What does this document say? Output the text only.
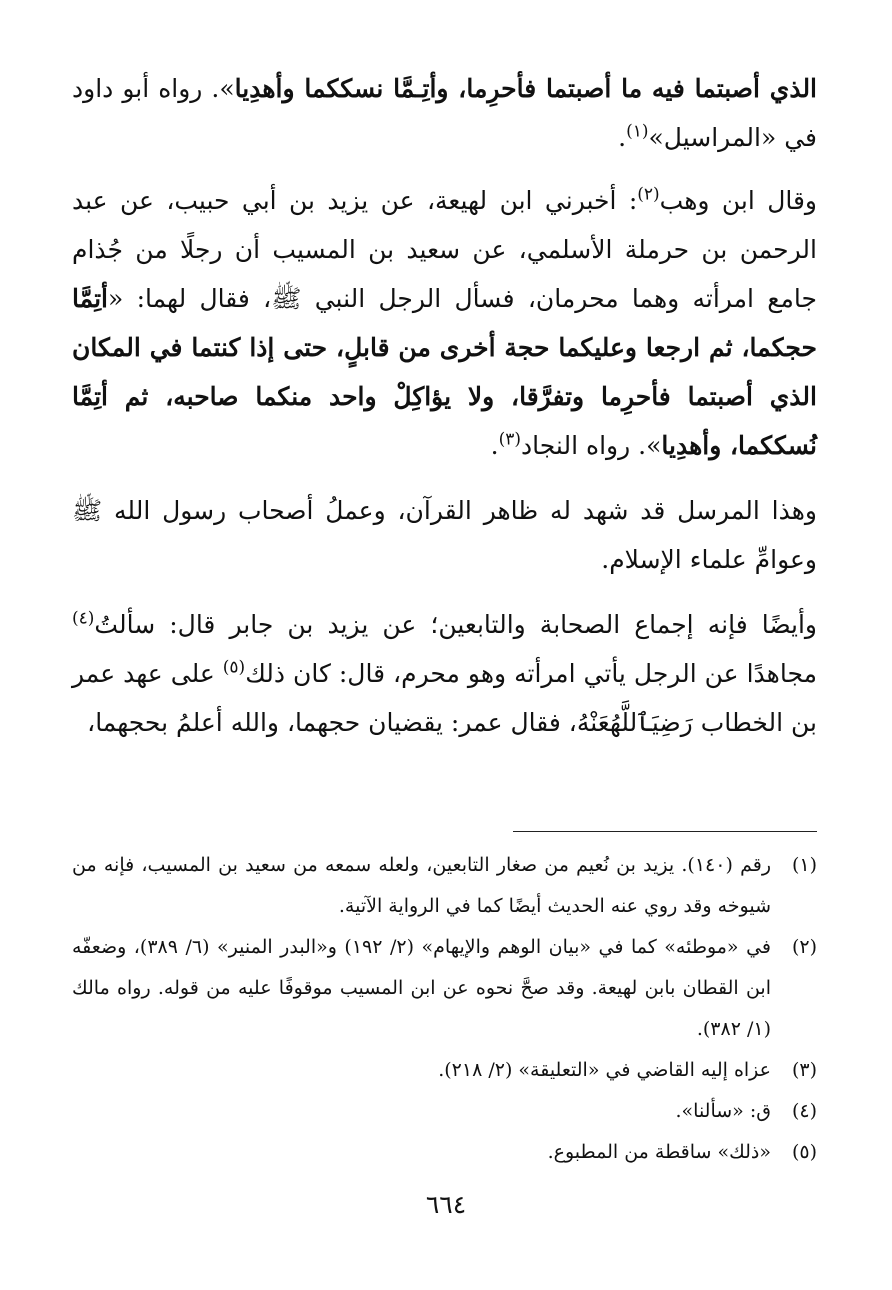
الذي أصبتما فيه ما أصبتما فأحرِما، وأتِـمَّا نسككما وأهدِيا». رواه أبو داود في «المراسيل»$^{(١)}$.

وقال ابن وهب$^{(٢)}$: أخبرني ابن لهيعة، عن يزيد بن أبي حبيب، عن عبد الرحمن بن حرملة الأسلمي، عن سعيد بن المسيب أن رجلًا من جُذام جامع امرأته وهما محرمان، فسأل الرجل النبي ﷺ، فقال لهما: «أتِمَّا حجكما، ثم ارجعا وعليكما حجة أخرى من قابلٍ، حتى إذا كنتما في المكان الذي أصبتما فأحرِما وتفرَّقا، ولا يؤاكِلْ واحد منكما صاحبه، ثم أتِمَّا نُسككما، وأهدِيا». رواه النجاد$^{(٣)}$.

وهذا المرسل قد شهد له ظاهر القرآن، وعملُ أصحاب رسول الله ﷺ وعوامِّ علماء الإسلام.

وأيضًا فإنه إجماع الصحابة والتابعين؛ عن يزيد بن جابر قال: سألتُ$^{(٤)}$ مجاهدًا عن الرجل يأتي امرأته وهو محرم، قال: كان ذلك$^{(٥)}$ على عهد عمر بن الخطاب رَضِيَٱللَّهُعَنْهُ، فقال عمر: يقضيان حجهما، والله أعلمُ بحجهما،

(١)
رقم (١٤٠). يزيد بن نُعيم من صغار التابعين، ولعله سمعه من سعيد بن المسيب، فإنه من شيوخه وقد روي عنه الحديث أيضًا كما في الرواية الآتية.
(٢)
في «موطئه» كما في «بيان الوهم والإيهام» (٢/ ١٩٢) و«البدر المنير» (٦/ ٣٨٩)، وضعفّه ابن القطان بابن لهيعة. وقد صحَّ نحوه عن ابن المسيب موقوفًا عليه من قوله. رواه مالك (١/ ٣٨٢).
(٣)
عزاه إليه القاضي في «التعليقة» (٢/ ٢١٨).
(٤)
ق: «سألنا».
(٥)
«ذلك» ساقطة من المطبوع.
٦٦٤
